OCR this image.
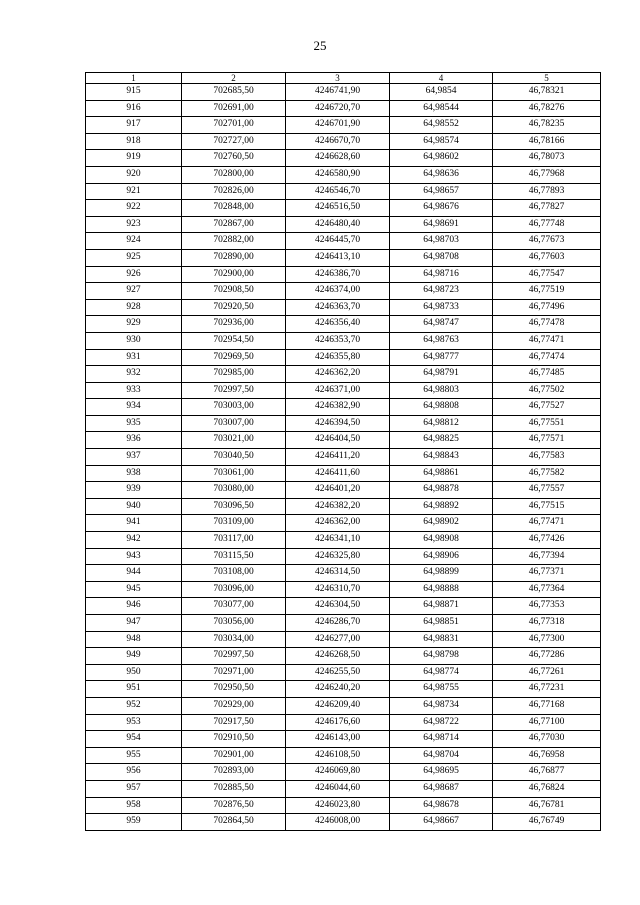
25
1	2	3	4	5
915	702685,50	4246741,90	64,9854	46,78321
916	702691,00	4246720,70	64,98544	46,78276
917	702701,00	4246701,90	64,98552	46,78235
918	702727,00	4246670,70	64,98574	46,78166
919	702760,50	4246628,60	64,98602	46,78073
920	702800,00	4246580,90	64,98636	46,77968
921	702826,00	4246546,70	64,98657	46,77893
922	702848,00	4246516,50	64,98676	46,77827
923	702867,00	4246480,40	64,98691	46,77748
924	702882,00	4246445,70	64,98703	46,77673
925	702890,00	4246413,10	64,98708	46,77603
926	702900,00	4246386,70	64,98716	46,77547
927	702908,50	4246374,00	64,98723	46,77519
928	702920,50	4246363,70	64,98733	46,77496
929	702936,00	4246356,40	64,98747	46,77478
930	702954,50	4246353,70	64,98763	46,77471
931	702969,50	4246355,80	64,98777	46,77474
932	702985,00	4246362,20	64,98791	46,77485
933	702997,50	4246371,00	64,98803	46,77502
934	703003,00	4246382,90	64,98808	46,77527
935	703007,00	4246394,50	64,98812	46,77551
936	703021,00	4246404,50	64,98825	46,77571
937	703040,50	4246411,20	64,98843	46,77583
938	703061,00	4246411,60	64,98861	46,77582
939	703080,00	4246401,20	64,98878	46,77557
940	703096,50	4246382,20	64,98892	46,77515
941	703109,00	4246362,00	64,98902	46,77471
942	703117,00	4246341,10	64,98908	46,77426
943	703115,50	4246325,80	64,98906	46,77394
944	703108,00	4246314,50	64,98899	46,77371
945	703096,00	4246310,70	64,98888	46,77364
946	703077,00	4246304,50	64,98871	46,77353
947	703056,00	4246286,70	64,98851	46,77318
948	703034,00	4246277,00	64,98831	46,77300
949	702997,50	4246268,50	64,98798	46,77286
950	702971,00	4246255,50	64,98774	46,77261
951	702950,50	4246240,20	64,98755	46,77231
952	702929,00	4246209,40	64,98734	46,77168
953	702917,50	4246176,60	64,98722	46,77100
954	702910,50	4246143,00	64,98714	46,77030
955	702901,00	4246108,50	64,98704	46,76958
956	702893,00	4246069,80	64,98695	46,76877
957	702885,50	4246044,60	64,98687	46,76824
958	702876,50	4246023,80	64,98678	46,76781
959	702864,50	4246008,00	64,98667	46,76749
